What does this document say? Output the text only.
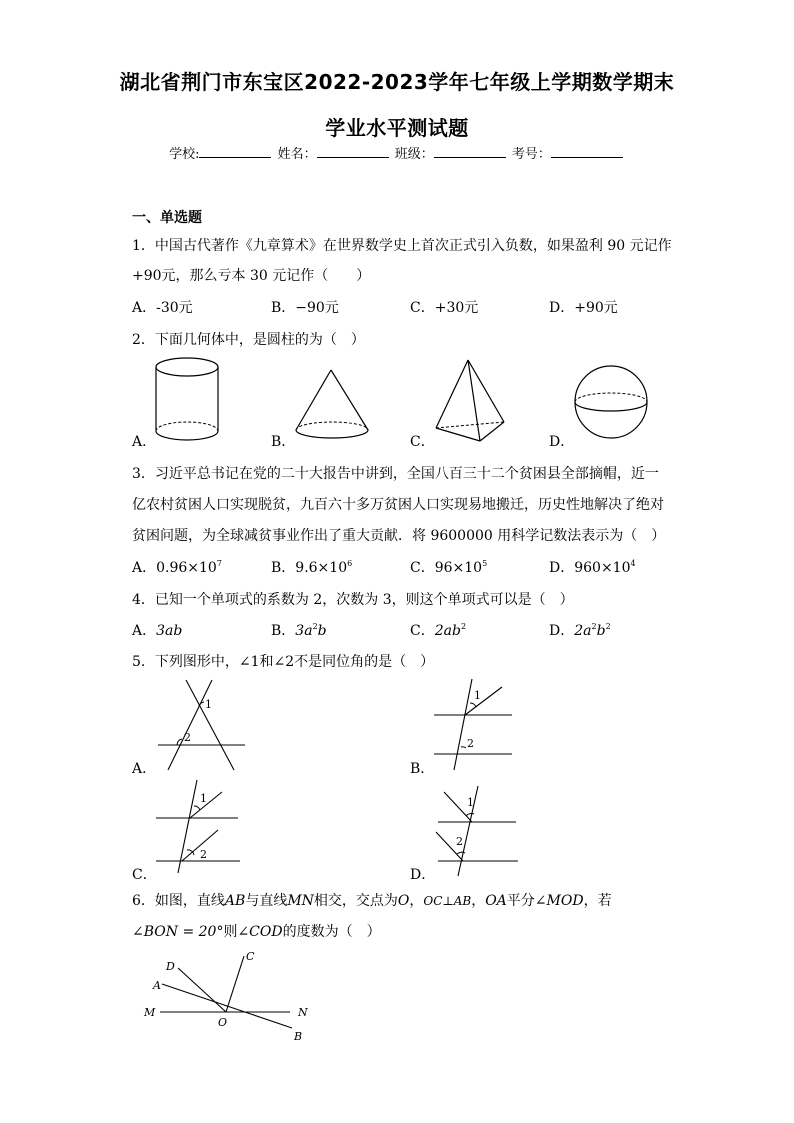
湖北省荆门市东宝区2022-2023学年七年级上学期数学期末
学业水平测试题
学校:	姓名：	班级：	考号：
一、单选题
1．中国古代著作《九章算术》在世界数学史上首次正式引入负数，如果盈利 90 元记作
+90元，那么亏本 30 元记作（　　）
A．-30元	B．−90元	C．+30元	D．+90元
2．下面几何体中，是圆柱的为（　）
A．	B．	C．	D．
3．习近平总书记在党的二十大报告中讲到，全国八百三十二个贫困县全部摘帽，近一
亿农村贫困人口实现脱贫，九百六十多万贫困人口实现易地搬迁，历史性地解决了绝对
贫困问题，为全球减贫事业作出了重大贡献．将 9600000 用科学记数法表示为（　）
A．$0.96\times 10^7$	B．$9.6\times 10^6$	C．$96\times 10^5$	D．$960\times 10^4$
4．已知一个单项式的系数为 2，次数为 3，则这个单项式可以是（　）
A．3ab	B．$3a^2b$	C．$2ab^2$	D．$2a^2b^2$
5．下列图形中，∠1和∠2不是同位角的是（　）
A．	B．
C．	D．
1
2
1
2
1
2
1
2
6．如图，直线AB与直线MN相交，交点为O，OC⊥AB，OA平分∠MOD，若
∠BON = 20°则∠COD的度数为（　）
D
A
M
O
C
N
B
